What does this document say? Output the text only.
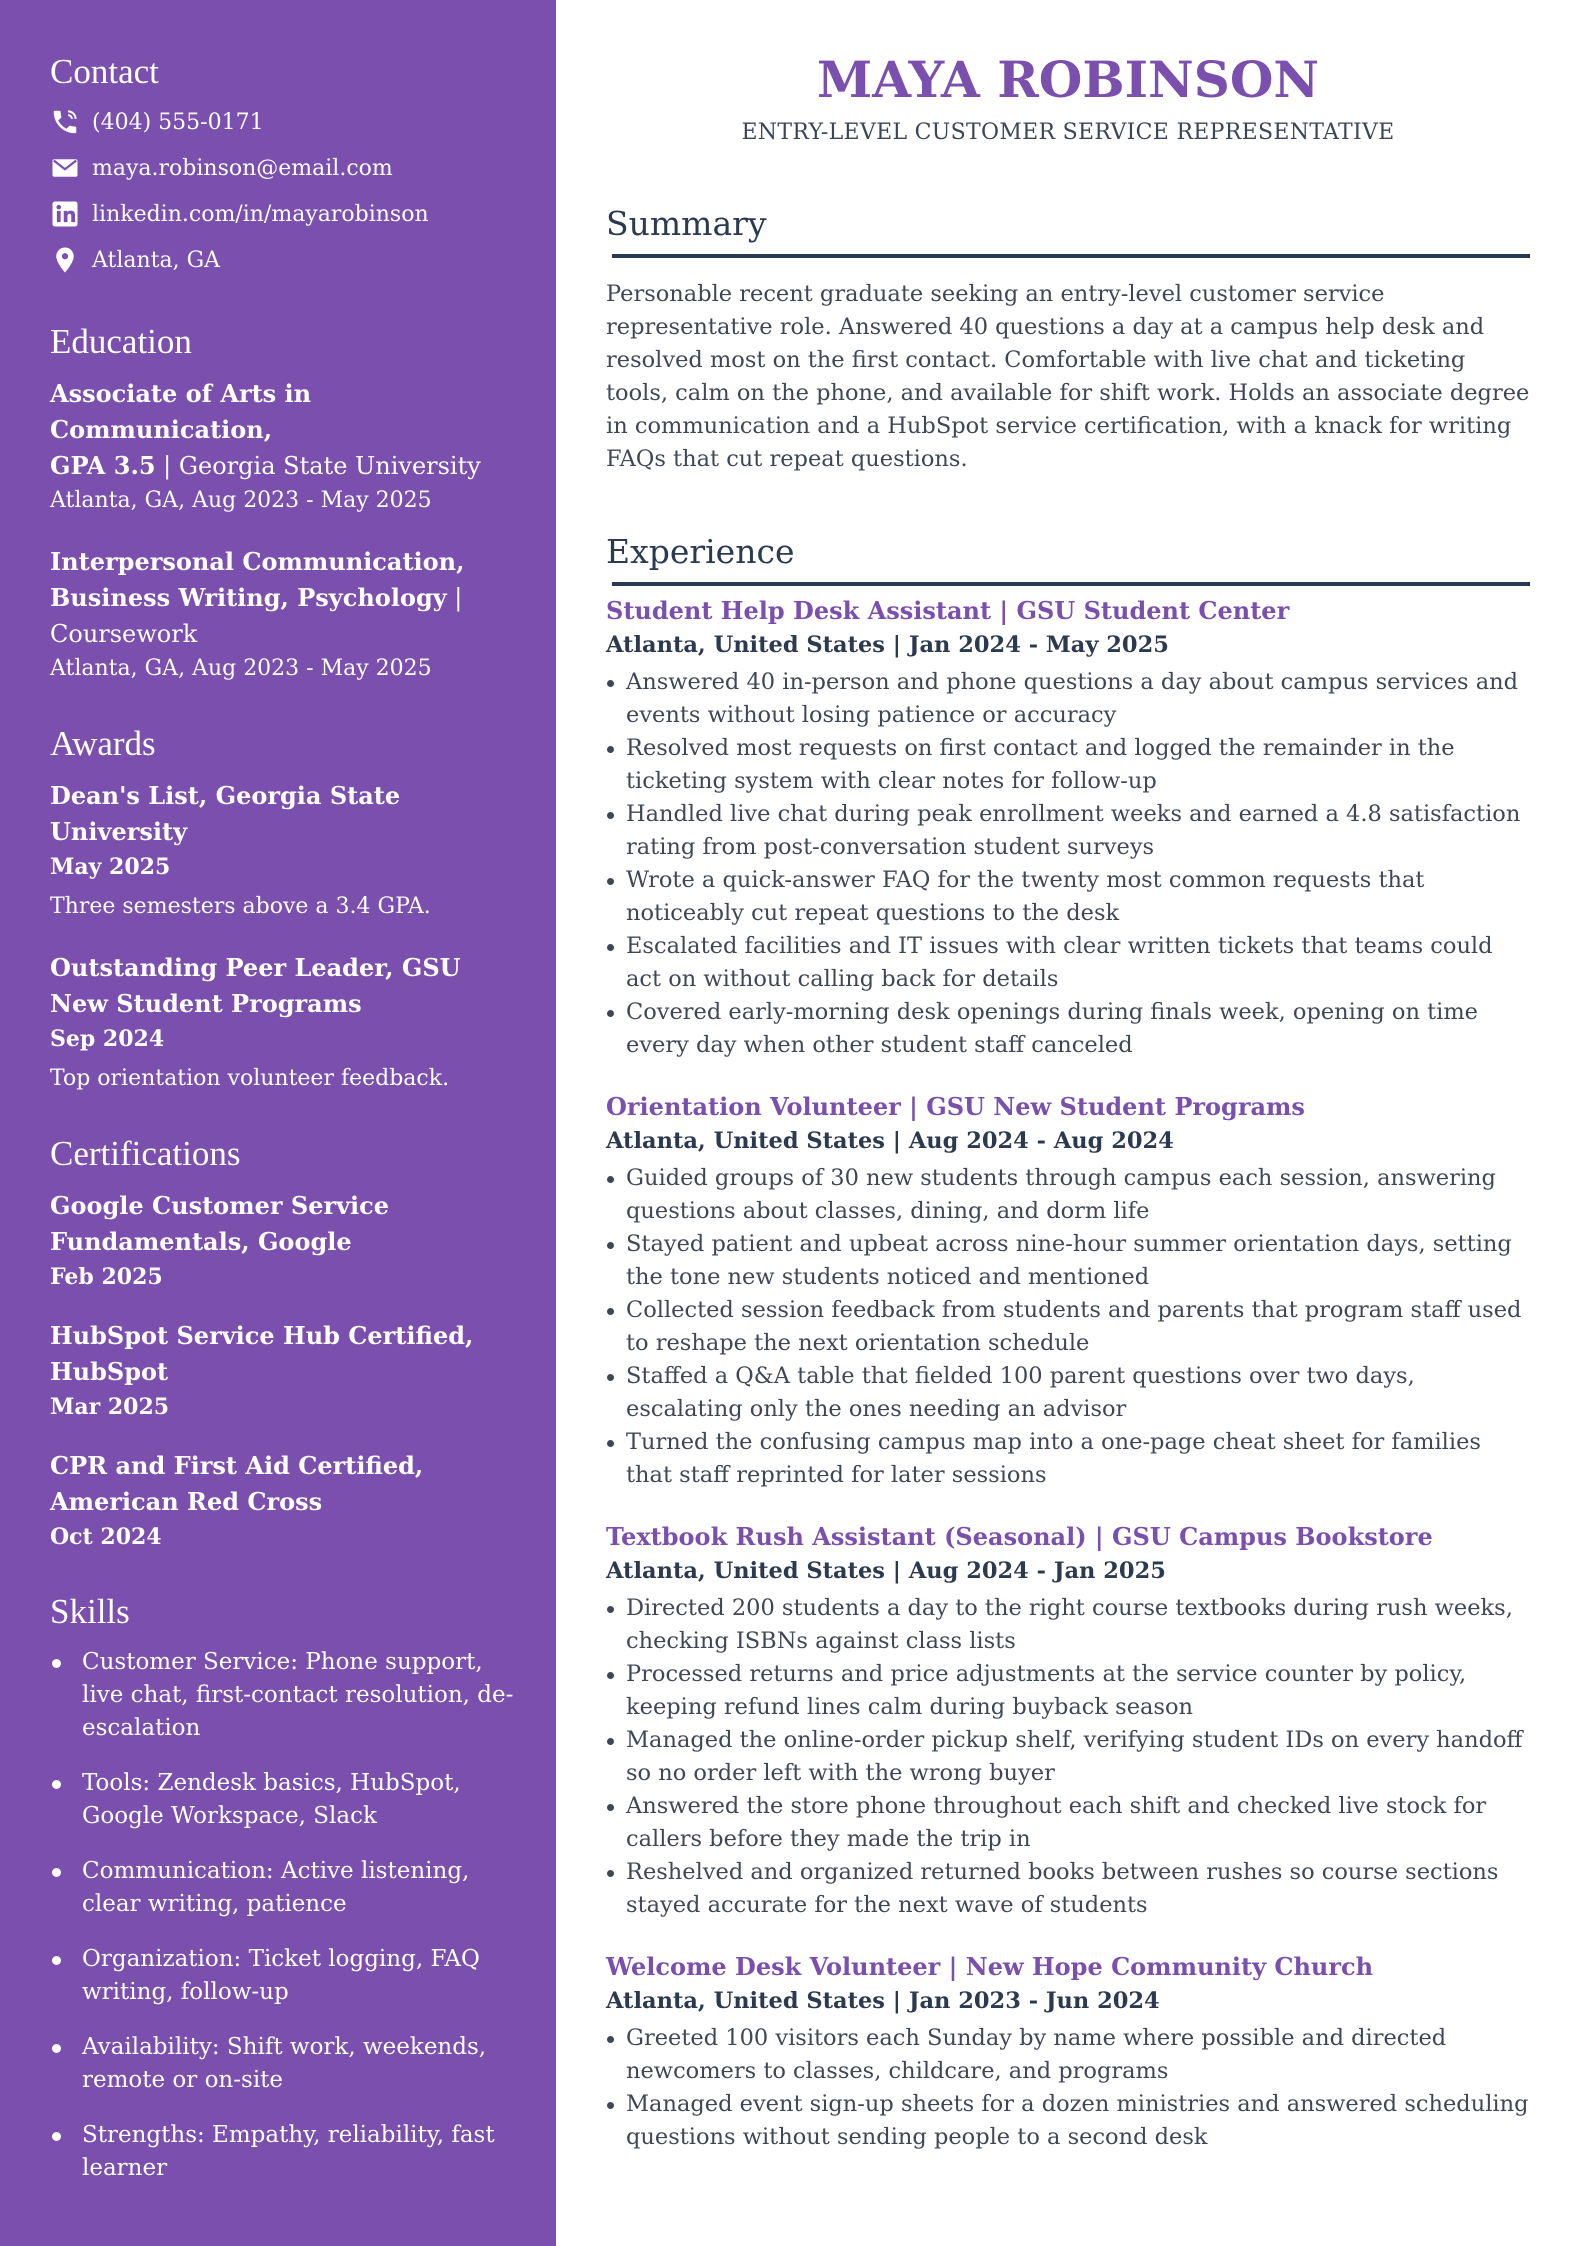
Contact
(404) 555-0171
maya.robinson@email.com
linkedin.com/in/mayarobinson
Atlanta, GA
Education
Associate of Arts in Communication,
GPA 3.5 | Georgia State University
Atlanta, GA, Aug 2023 - May 2025
Interpersonal Communication,
Business Writing, Psychology |
Coursework
Atlanta, GA, Aug 2023 - May 2025
Awards
Dean's List, Georgia State University
May 2025
Three semesters above a 3.4 GPA.
Outstanding Peer Leader, GSU New Student Programs
Sep 2024
Top orientation volunteer feedback.
Certifications
Google Customer Service Fundamentals, Google
Feb 2025
HubSpot Service Hub Certified, HubSpot
Mar 2025
CPR and First Aid Certified, American Red Cross
Oct 2024
Skills
Customer Service: Phone support, live chat, first-contact resolution, de-escalation
Tools: Zendesk basics, HubSpot, Google Workspace, Slack
Communication: Active listening, clear writing, patience
Organization: Ticket logging, FAQ writing, follow-up
Availability: Shift work, weekends, remote or on-site
Strengths: Empathy, reliability, fast learner
MAYA ROBINSON
ENTRY-LEVEL CUSTOMER SERVICE REPRESENTATIVE
Summary

Personable recent graduate seeking an entry-level customer service representative role. Answered 40 questions a day at a campus help desk and resolved most on the first contact. Comfortable with live chat and ticketing tools, calm on the phone, and available for shift work. Holds an associate degree in communication and a HubSpot service certification, with a knack for writing FAQs that cut repeat questions.

Experience
Student Help Desk Assistant | GSU Student Center
Atlanta, United States | Jan 2024 - May 2025
Answered 40 in-person and phone questions a day about campus services and events without losing patience or accuracy
Resolved most requests on first contact and logged the remainder in the ticketing system with clear notes for follow-up
Handled live chat during peak enrollment weeks and earned a 4.8 satisfaction rating from post-conversation student surveys
Wrote a quick-answer FAQ for the twenty most common requests that noticeably cut repeat questions to the desk
Escalated facilities and IT issues with clear written tickets that teams could act on without calling back for details
Covered early-morning desk openings during finals week, opening on time every day when other student staff canceled
Orientation Volunteer | GSU New Student Programs
Atlanta, United States | Aug 2024 - Aug 2024
Guided groups of 30 new students through campus each session, answering questions about classes, dining, and dorm life
Stayed patient and upbeat across nine-hour summer orientation days, setting the tone new students noticed and mentioned
Collected session feedback from students and parents that program staff used to reshape the next orientation schedule
Staffed a Q&A table that fielded 100 parent questions over two days, escalating only the ones needing an advisor
Turned the confusing campus map into a one-page cheat sheet for families that staff reprinted for later sessions
Textbook Rush Assistant (Seasonal) | GSU Campus Bookstore
Atlanta, United States | Aug 2024 - Jan 2025
Directed 200 students a day to the right course textbooks during rush weeks, checking ISBNs against class lists
Processed returns and price adjustments at the service counter by policy, keeping refund lines calm during buyback season
Managed the online-order pickup shelf, verifying student IDs on every handoff so no order left with the wrong buyer
Answered the store phone throughout each shift and checked live stock for callers before they made the trip in
Reshelved and organized returned books between rushes so course sections stayed accurate for the next wave of students
Welcome Desk Volunteer | New Hope Community Church
Atlanta, United States | Jan 2023 - Jun 2024
Greeted 100 visitors each Sunday by name where possible and directed newcomers to classes, childcare, and programs
Managed event sign-up sheets for a dozen ministries and answered scheduling questions without sending people to a second desk
